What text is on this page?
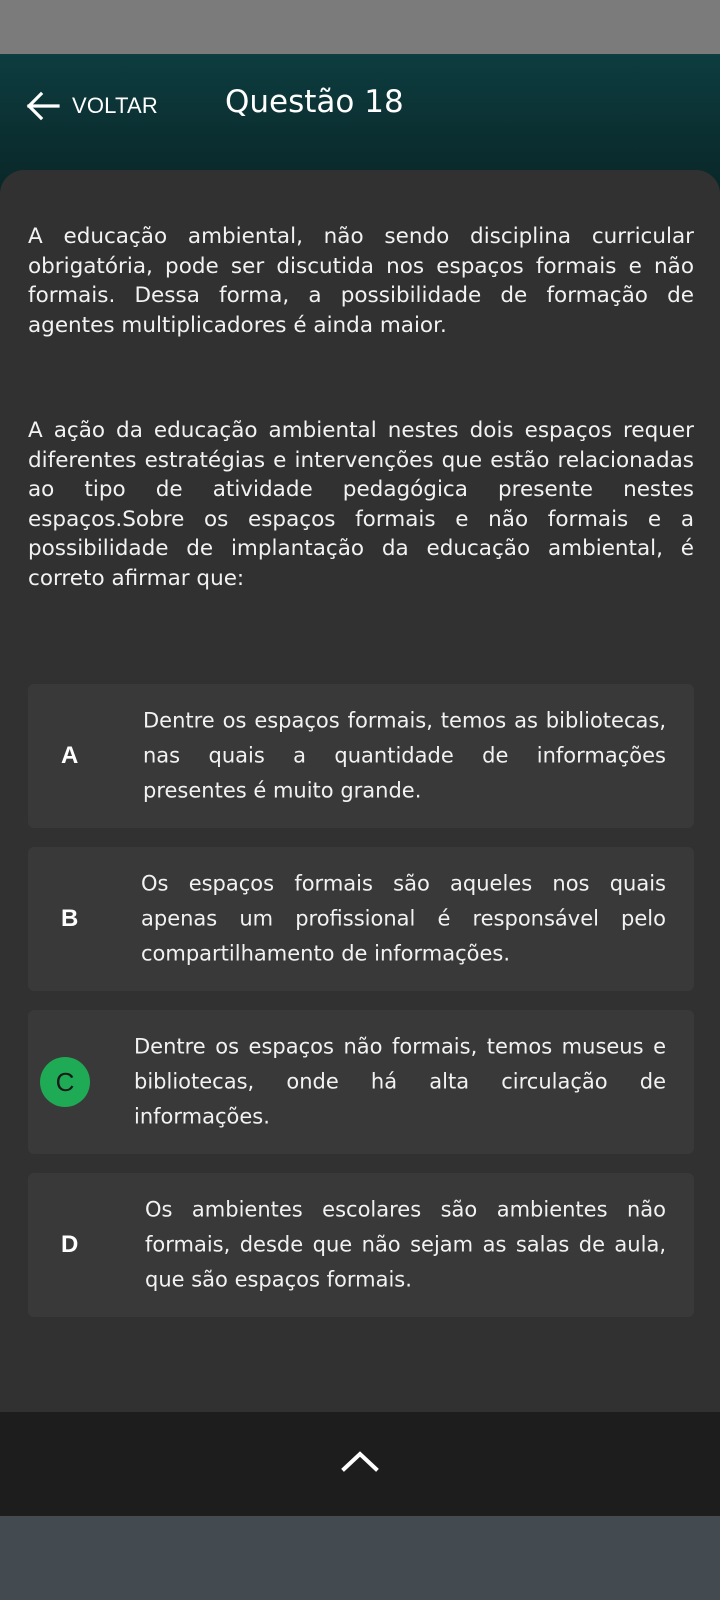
VOLTAR Questão 18

A educação ambiental, não sendo disciplina curricular obrigatória, pode ser discutida nos espaços formais e não formais. Dessa forma, a possibilidade de formação de agentes multiplicadores é ainda maior.

A ação da educação ambiental nestes dois espaços requer diferentes estratégias e intervenções que estão relacionadas ao tipo de atividade pedagógica presente nestes espaços.Sobre os espaços formais e não formais e a possibilidade de implantação da educação ambiental, é correto afirmar que:

A
Dentre os espaços formais, temos as bibliotecas, nas quais a quantidade de informações presentes é muito grande.
B
Os espaços formais são aqueles nos quais apenas um profissional é responsável pelo compartilhamento de informações.
C
Dentre os espaços não formais, temos museus e bibliotecas, onde há alta circulação de informações.
D
Os ambientes escolares são ambientes não formais, desde que não sejam as salas de aula, que são espaços formais.
